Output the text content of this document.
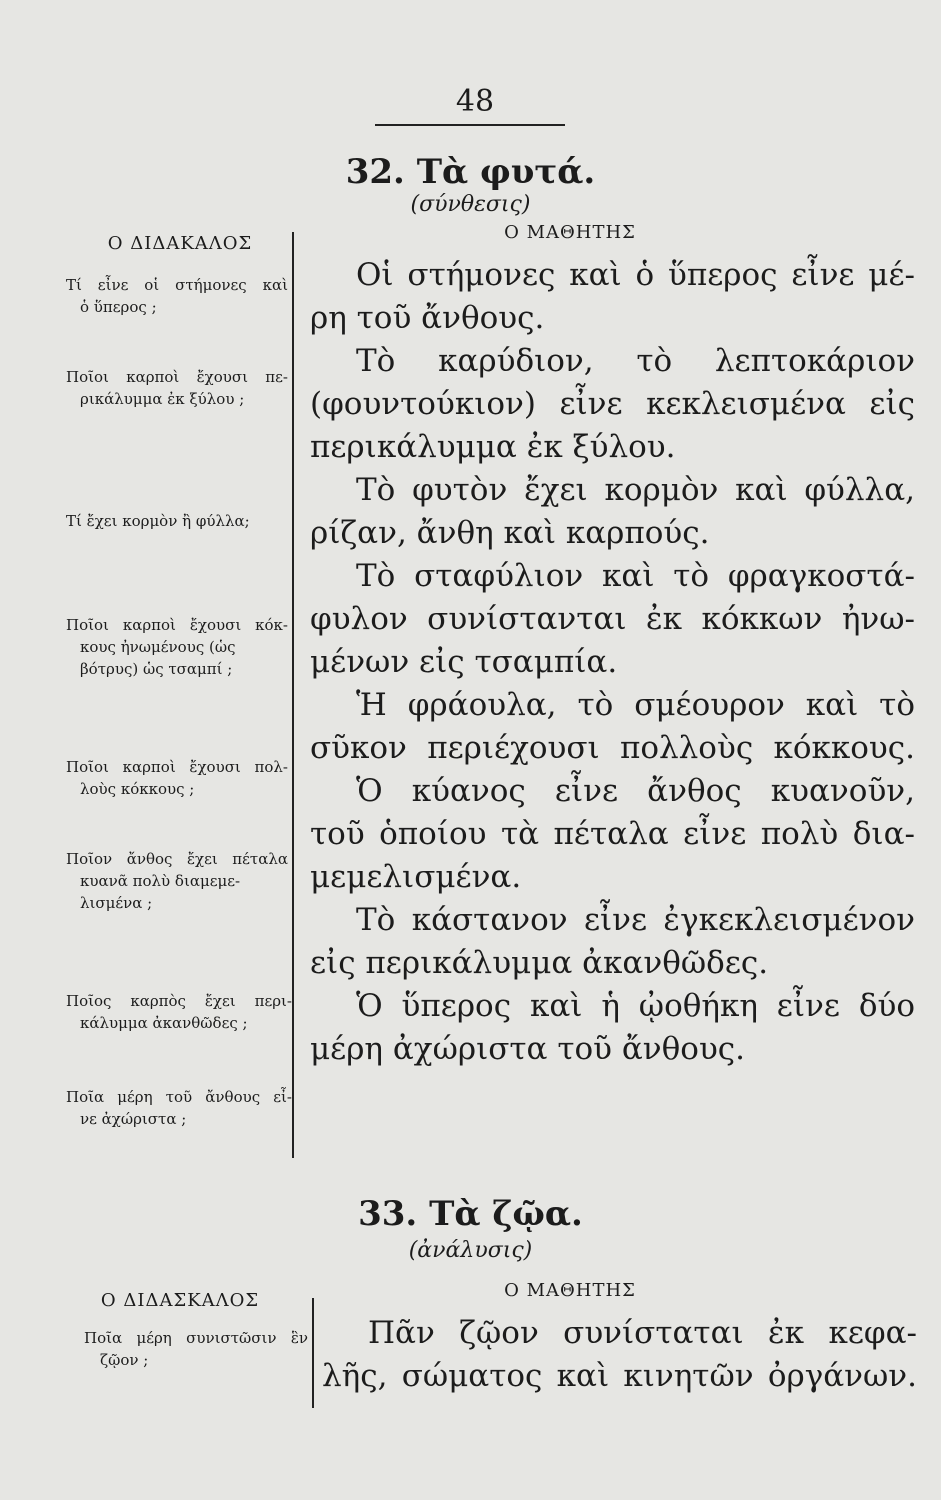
48
32. Τὰ φυτά.
(σύνθεσις)
Ο ΔΙΔΑΚΑΛΟΣ
Ο ΜΑΘΗΤΗΣ
Τί εἶνε οἱ στήμονες καὶ
ὁ ὕπερος ;
Ποῖοι καρποὶ ἔχουσι πε-
ρικάλυμμα ἐκ ξύλου ;
Τί ἔχει κορμὸν ἢ φύλλα;
Ποῖοι καρποὶ ἔχουσι κόκ-
κους ἠνωμένους (ὡς
βότρυς) ὡς τσαμπί ;
Ποῖοι καρποὶ ἔχουσι πολ-
λοὺς κόκκους ;
Ποῖον ἄνθος ἔχει πέταλα
κυανᾶ πολὺ διαμεμε-
λισμένα ;
Ποῖος καρπὸς ἔχει περι-
κάλυμμα ἀκανθῶδες ;
Ποῖα μέρη τοῦ ἄνθους εἶ-
νε ἀχώριστα ;

Οἱ στήμονες καὶ ὁ ὕπερος εἶνε μέ-

ρη τοῦ ἄνθους.

Τὸ καρύδιον, τὸ λεπτοκάριον

(φουντούκιον) εἶνε κεκλεισμένα εἰς

περικάλυμμα ἐκ ξύλου.

Τὸ φυτὸν ἔχει κορμὸν καὶ φύλλα,

ρίζαν, ἄνθη καὶ καρπούς.

Τὸ σταφύλιον καὶ τὸ φραγκοστά-

φυλον συνίστανται ἐκ κόκκων ἠνω-

μένων εἰς τσαμπία.

Ἡ φράουλα, τὸ σμέουρον καὶ τὸ

σῦκον περιέχουσι πολλοὺς κόκκους.

Ὁ κύανος εἶνε ἄνθος κυανοῦν,

τοῦ ὁποίου τὰ πέταλα εἶνε πολὺ δια-

μεμελισμένα.

Τὸ κάστανον εἶνε ἐγκεκλεισμένον

εἰς περικάλυμμα ἀκανθῶδες.

Ὁ ὕπερος καὶ ἡ ᾠοθήκη εἶνε δύο

μέρη ἀχώριστα τοῦ ἄνθους.

33. Τὰ ζῷα.
(ἀνάλυσις)
Ο ΔΙΔΑΣΚΑΛΟΣ	Ο ΜΑΘΗΤΗΣ
Ποῖα μέρη συνιστῶσιν ἓν
ζῷον ;

Πᾶν ζῷον συνίσταται ἐκ κεφα-

λῆς, σώματος καὶ κινητῶν ὀργάνων.
